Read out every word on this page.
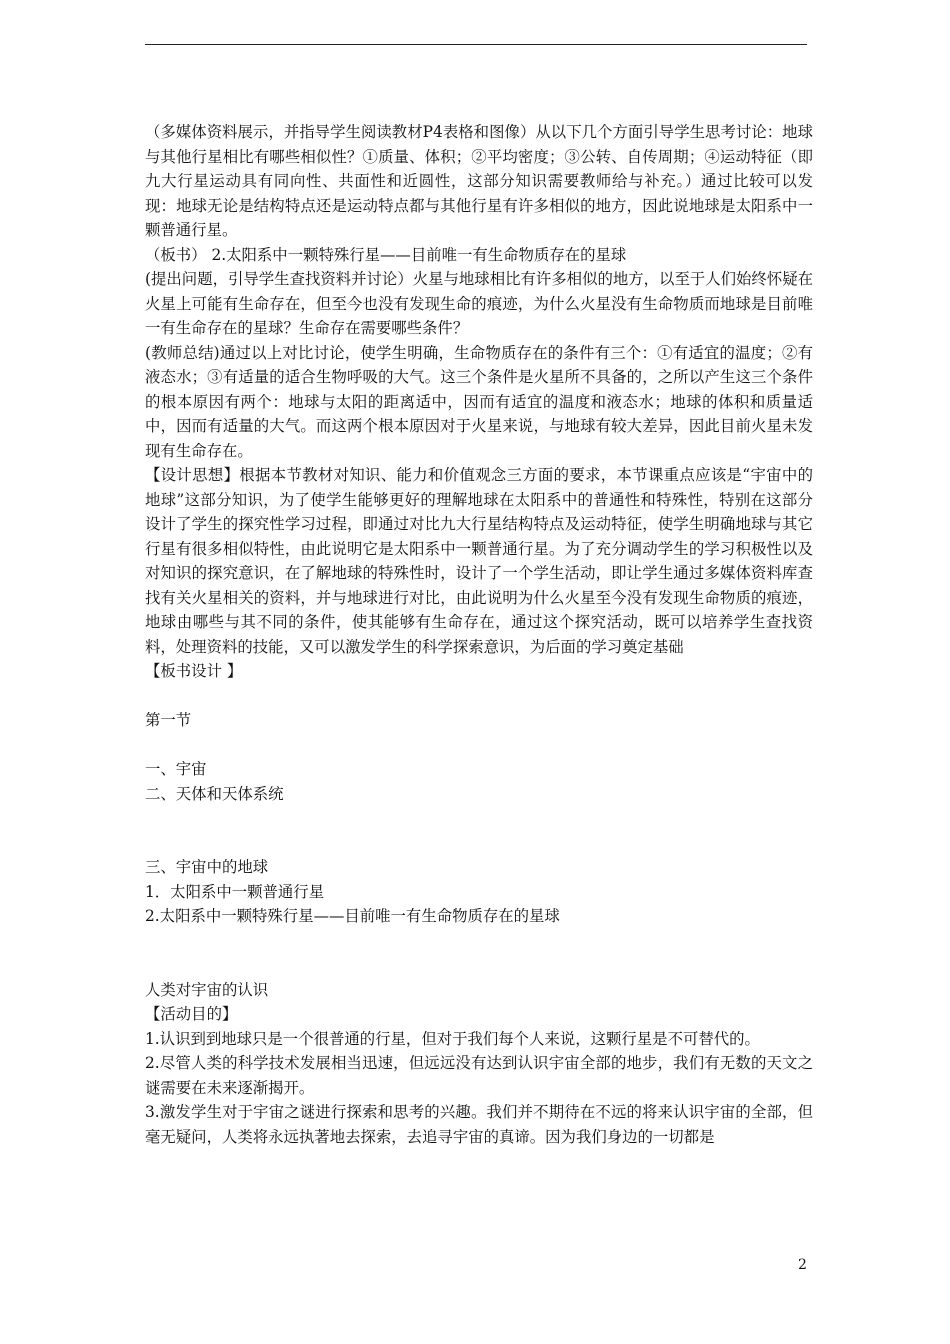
（多媒体资料展示，并指导学生阅读教材P4表格和图像）从以下几个方面引导学生思考讨论：地球与其他行星相比有哪些相似性？①质量、体积；②平均密度；③公转、自传周期；④运动特征（即九大行星运动具有同向性、共面性和近圆性，这部分知识需要教师给与补充。）通过比较可以发现：地球无论是结构特点还是运动特点都与其他行星有许多相似的地方，因此说地球是太阳系中一颗普通行星。

（板书） 2.太阳系中一颗特殊行星——目前唯一有生命物质存在的星球

(提出问题，引导学生查找资料并讨论）火星与地球相比有许多相似的地方，以至于人们始终怀疑在火星上可能有生命存在，但至今也没有发现生命的痕迹，为什么火星没有生命物质而地球是目前唯一有生命存在的星球？生命存在需要哪些条件？

(教师总结)通过以上对比讨论，使学生明确，生命物质存在的条件有三个：①有适宜的温度；②有液态水；③有适量的适合生物呼吸的大气。这三个条件是火星所不具备的，之所以产生这三个条件的根本原因有两个：地球与太阳的距离适中，因而有适宜的温度和液态水；地球的体积和质量适中，因而有适量的大气。而这两个根本原因对于火星来说，与地球有较大差异，因此目前火星未发现有生命存在。

【设计思想】根据本节教材对知识、能力和价值观念三方面的要求，本节课重点应该是“宇宙中的地球”这部分知识，为了使学生能够更好的理解地球在太阳系中的普通性和特殊性，特别在这部分设计了学生的探究性学习过程，即通过对比九大行星结构特点及运动特征，使学生明确地球与其它行星有很多相似特性，由此说明它是太阳系中一颗普通行星。为了充分调动学生的学习积极性以及对知识的探究意识，在了解地球的特殊性时，设计了一个学生活动，即让学生通过多媒体资料库查找有关火星相关的资料，并与地球进行对比，由此说明为什么火星至今没有发现生命物质的痕迹，地球由哪些与其不同的条件，使其能够有生命存在，通过这个探究活动，既可以培养学生查找资料，处理资料的技能，又可以激发学生的科学探索意识，为后面的学习奠定基础

【板书设计 】

第一节

一、宇宙

二、天体和天体系统

三、宇宙中的地球

1．太阳系中一颗普通行星

2.太阳系中一颗特殊行星——目前唯一有生命物质存在的星球

人类对宇宙的认识

【活动目的】

1.认识到到地球只是一个很普通的行星，但对于我们每个人来说，这颗行星是不可替代的。

2.尽管人类的科学技术发展相当迅速，但远远没有达到认识宇宙全部的地步，我们有无数的天文之谜需要在未来逐渐揭开。

3.激发学生对于宇宙之谜进行探索和思考的兴趣。我们并不期待在不远的将来认识宇宙的全部，但毫无疑问，人类将永远执著地去探索，去追寻宇宙的真谛。因为我们身边的一切都是

2
